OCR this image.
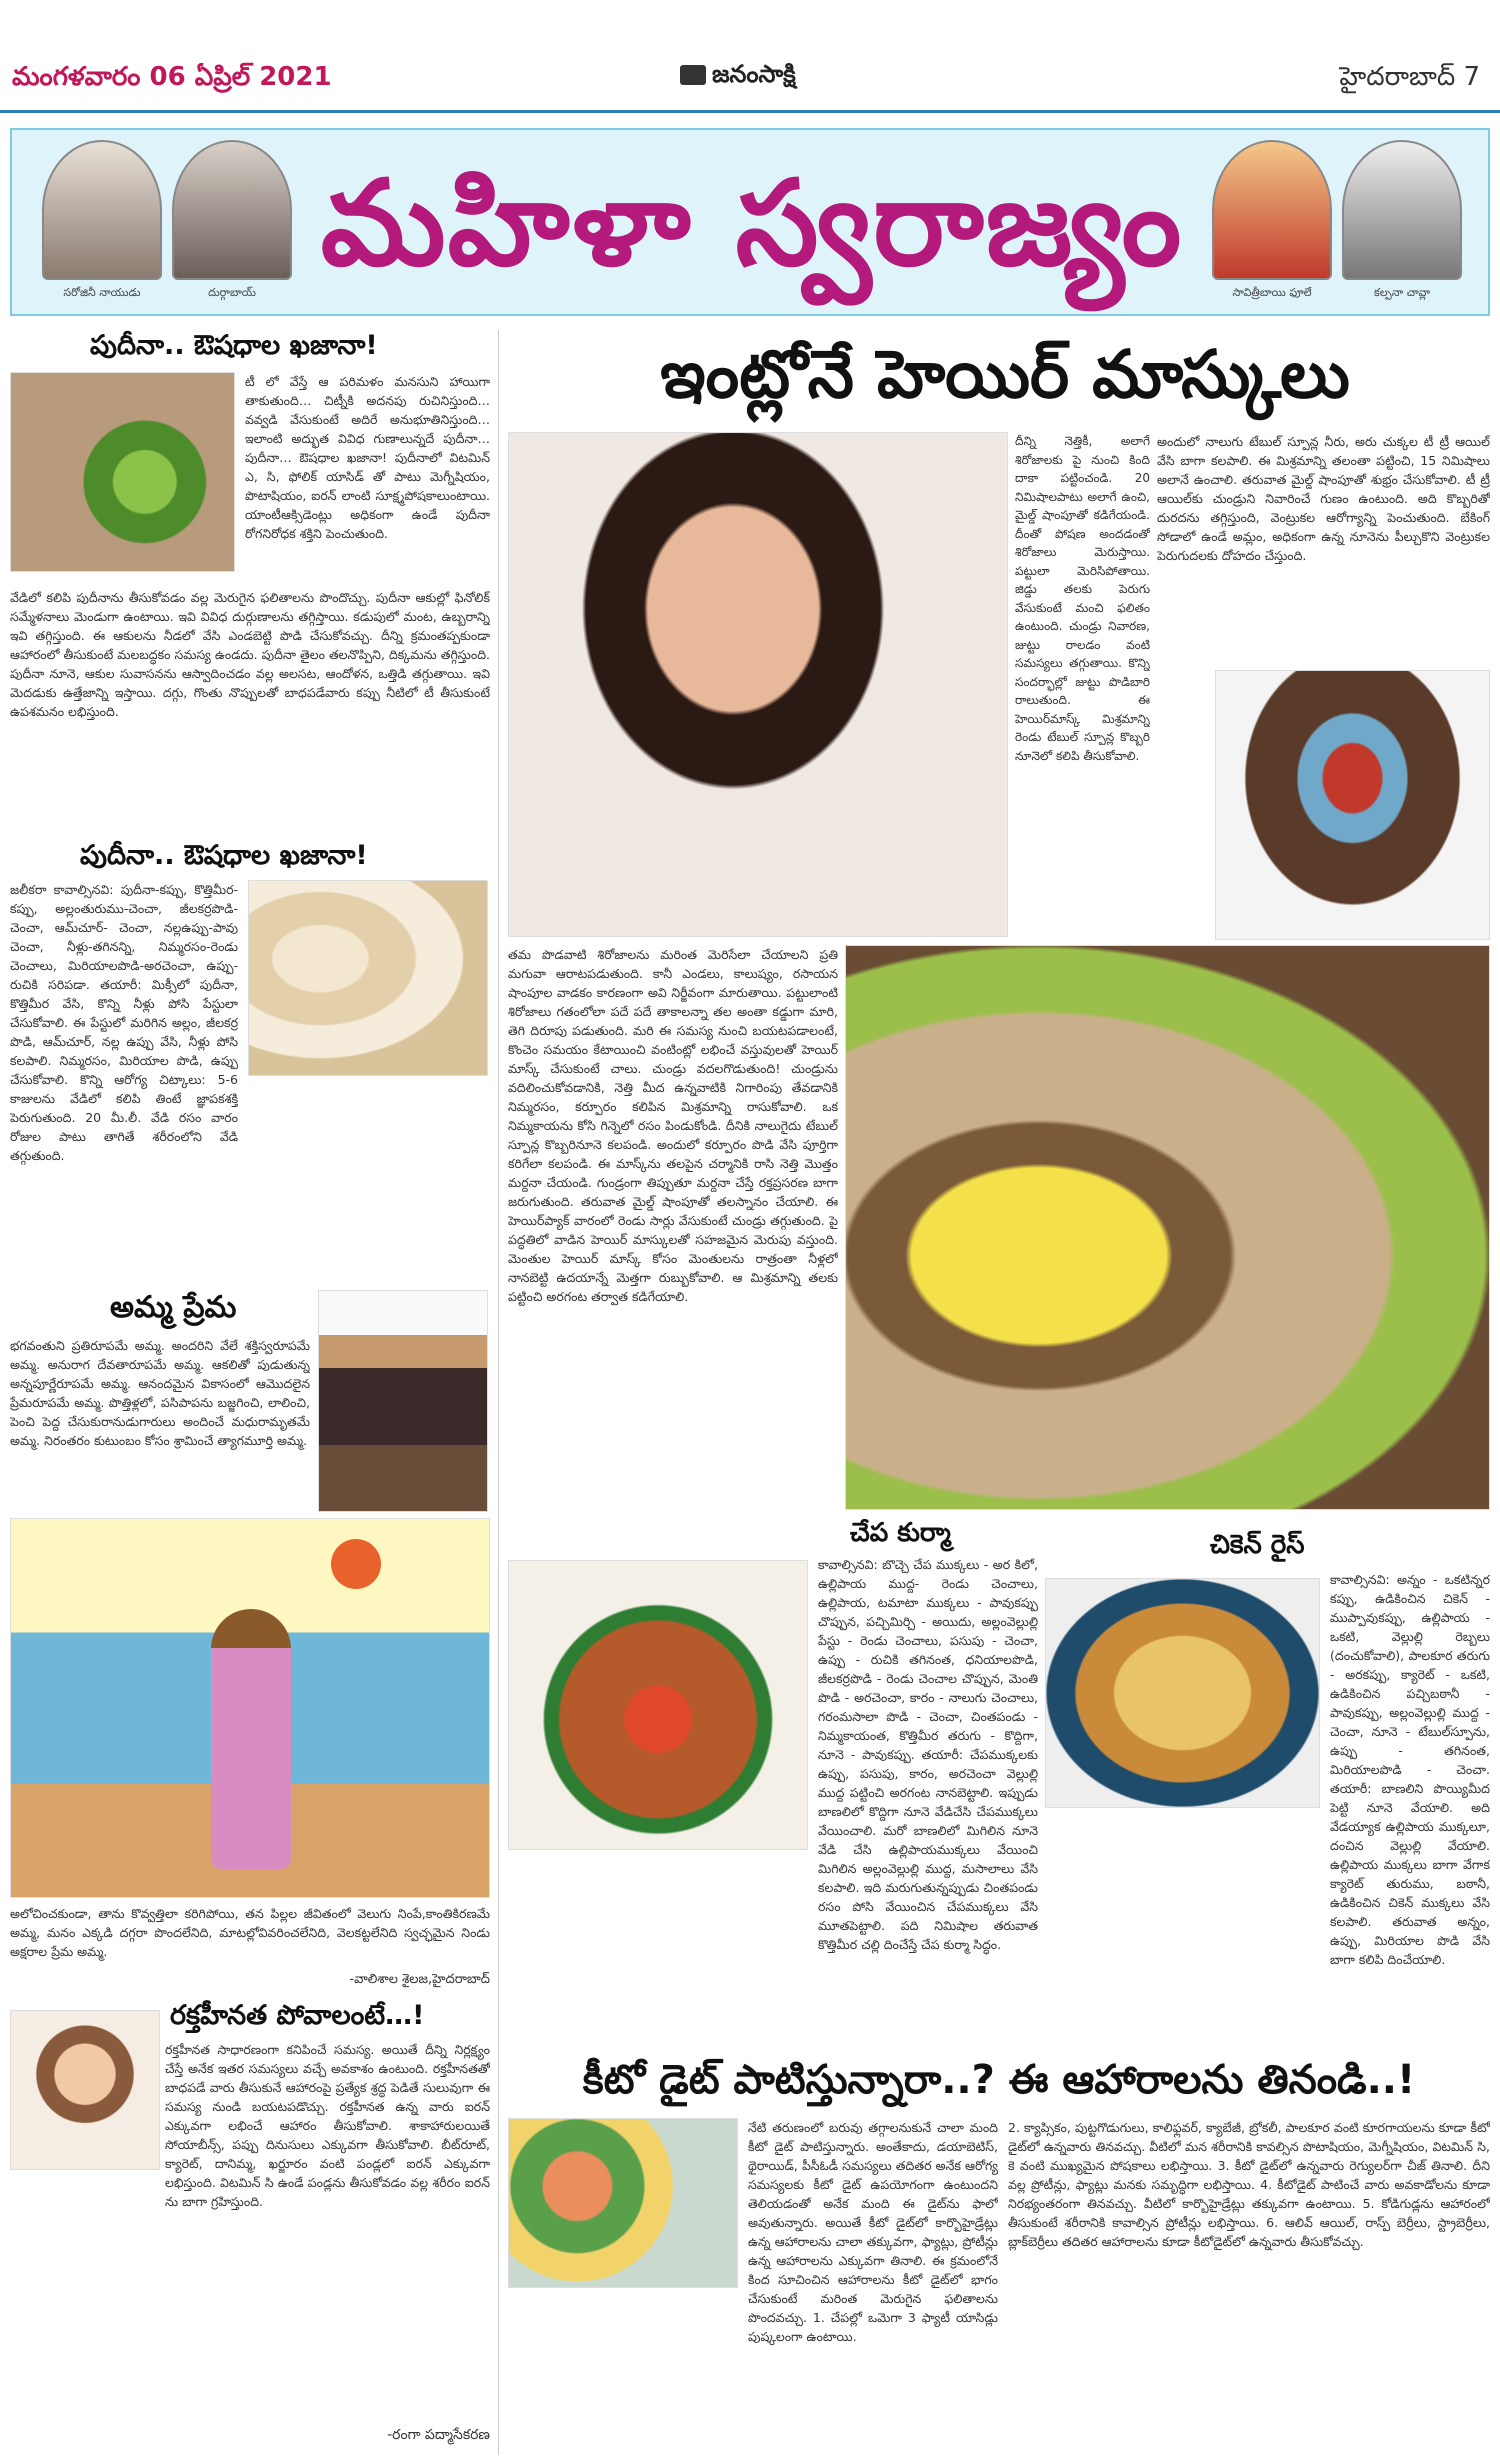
మంగళవారం 06 ఏప్రిల్ 2021	జనంసాక్షి	హైదరాబాద్ 7
సరోజినీ నాయుడు	దుర్గాబాయ్
మహిళా స్వరాజ్యం
సావిత్రీబాయి ఫూలే	కల్పనా చావ్లా
పుదీనా.. ఔషధాల ఖజానా!
టీ లో వేస్తే ఆ పరిమళం మనసుని హాయిగా తాకుతుంది… చిట్నీకి అదనపు రుచినిస్తుంది… వవ్వడి వేసుకుంటే అదిరే అనుభూతినిస్తుంది… ఇలాంటి అద్భుత వివిధ గుణాలున్నదే పుదీనా… పుదీనా… ఔషధాల ఖజానా! పుదీనాలో విటమిన్ ఎ, సి, ఫోలిక్ యాసిడ్ తో పాటు మెగ్నీషియం, పొటాషియం, ఐరన్ లాంటి సూక్ష్మపోషకాలుంటాయి. యాంటీఆక్సిడెంట్లు అధికంగా ఉండే పుదీనా రోగనిరోధక శక్తిని పెంచుతుంది.
వేడిలో కలిపి పుదీనాను తీసుకోవడం వల్ల మెరుగైన ఫలితాలను పొందొచ్చు. పుదీనా ఆకుల్లో ఫినోలిక్ సమ్మేళనాలు మెండుగా ఉంటాయి. ఇవి వివిధ దుర్గుణాలను తగ్గిస్తాయి. కడుపులో మంట, ఉబ్బరాన్ని ఇవి తగ్గిస్తుంది. ఈ ఆకులను నీడలో వేసి ఎండబెట్టి పొడి చేసుకోవచ్చు. దీన్ని క్రమంతప్పకుండా ఆహారంలో తీసుకుంటే మలబద్ధకం సమస్య ఉండదు. పుదీనా తైలం తలనొప్పిని, దిక్కమను తగ్గిస్తుంది. పుదీనా నూనె, ఆకుల సువాసనను ఆస్వాదించడం వల్ల అలసట, ఆందోళన, ఒత్తిడి తగ్గుతాయి. ఇవి మెదడుకు ఉత్తేజాన్ని ఇస్తాయి. దగ్గు, గొంతు నొప్పులతో బాధపడేవారు కప్పు నీటిలో టీ తీసుకుంటే ఉపశమనం లభిస్తుంది.
పుదీనా.. ఔషధాల ఖజానా!
జలీకరా కావాల్సినవి: పుదీనా-కప్పు, కొత్తిమీర- కప్పు, అల్లంతురుము-చెంచా, జీలకర్రపొడి-చెంచా, ఆమ్‌చూర్- చెంచా, నల్లఉప్పు-పావు చెంచా, నీళ్లు-తగినన్ని, నిమ్మరసం-రెండు చెంచాలు, మిరియాలపొడి-అరచెంచా, ఉప్పు-రుచికి సరిపడా. తయారీ: మిక్సీలో పుదీనా, కొత్తిమీర వేసి, కొన్ని నీళ్లు పోసి పేస్టులా చేసుకోవాలి. ఈ పేస్టులో మరిగిన అల్లం, జీలకర్ర పొడి, ఆమ్‌చూర్, నల్ల ఉప్పు వేసి, నీళ్లు పోసి కలపాలి. నిమ్మరసం, మిరియాల పొడి, ఉప్పు చేసుకోవాలి. కొన్ని ఆరోగ్య చిట్కాలు: 5-6 కాజులను వేడిలో కలిపి తింటే జ్ఞాపకశక్తి పెరుగుతుంది. 20 మీ.లీ. వేడి రసం వారం రోజుల పాటు తాగితే శరీరంలోని వేడి తగ్గుతుంది.
అమ్మ ప్రేమ
భగవంతుని ప్రతిరూపమే అమ్మ. అందరిని వేలే శక్తిస్వరూపమే అమ్మ. అనురాగ దేవతారూపమే అమ్మ. ఆకలితో పుడుతున్న అన్నపూర్ణేరూపమే అమ్మ. ఆనందమైన వికాసంలో ఆమొదలైన ప్రేమరూపమే అమ్మ. పొత్తిళ్లలో, పసిపాపను బజ్జగించి, లాలించి, పెంచి పెద్ద చేసుకురానుడుగారులు అందించే మధురామృతమే అమ్మ. నిరంతరం కుటుంబం కోసం శ్రామించే త్యాగమూర్తి అమ్మ.
అలోచించకుండా, తాను కొవ్వత్తిలా కరిగిపోయి, తన పిల్లల జీవితంలో వెలుగు నింపే,కాంతికిరణమే అమ్మ, మనం ఎక్కడి దగ్గరా పొందలేనిది, మాటల్లోవివరించలేనిది, వెలకట్టలేనిది స్వచ్ఛమైన నిండు అక్షరాల ప్రేమ అమ్మ.
-వాలిశాల శైలజ,హైదరాబాద్
రక్తహీనత పోవాలంటే…!
రక్తహీనత సాధారణంగా కనిపించే సమస్య. అయితే దీన్ని నిర్లక్ష్యం చేస్తే అనేక ఇతర సమస్యలు వచ్చే అవకాశం ఉంటుంది. రక్తహీనతతో బాధపడే వారు తీసుకునే ఆహారంపై ప్రత్యేక శ్రద్ధ పెడితే సులువుగా ఈ సమస్య నుండి బయటపడొచ్చు. రక్తహీనత ఉన్న వారు ఐరన్ ఎక్కువగా లభించే ఆహారం తీసుకోవాలి. శాకాహారులయితే సోయాబీన్స్, పప్పు దినుసులు ఎక్కువగా తీసుకోవాలి. బీట్‌రూట్, క్యారెట్, దానిమ్మ, ఖర్జూరం వంటి పండ్లలో ఐరన్ ఎక్కువగా లభిస్తుంది. విటమిన్ సి ఉండే పండ్లను తీసుకోవడం వల్ల శరీరం ఐరన్ ను బాగా గ్రహిస్తుంది.
-రంగా పద్మాసేకరణ
ఇంట్లోనే హెయిర్ మాస్కులు
దీన్ని నెత్తికీ, అలాగే శిరోజాలకు పై నుంచి కింది దాకా పట్టించండి. 20 నిమిషాలపాటు అలాగే ఉంచి, మైల్డ్ షాంపూతో కడిగేయండి. దీంతో పోషణ అందడంతో శిరోజాలు మెరుస్తాయి. పట్టులా మెరిసిపోతాయి. జిడ్డు తలకు పెరుగు వేసుకుంటే మంచి ఫలితం ఉంటుంది. చుండ్రు నివారణ, జుట్టు రాలడం వంటి సమస్యలు తగ్గుతాయి. కొన్ని సందర్భాల్లో జుట్టు పొడిబారి రాలుతుంది. ఈ హెయిర్‌మాస్క్ మిశ్రమాన్ని రెండు టేబుల్ స్పూన్ల కొబ్బరి నూనెలో కలిపి తీసుకోవాలి.
అందులో నాలుగు టేబుల్ స్పూన్ల నీరు, అరు చుక్కల టీ ట్రీ ఆయిల్ వేసి బాగా కలపాలి. ఈ మిశ్రమాన్ని తలంతా పట్టించి, 15 నిమిషాలు అలానే ఉంచాలి. తరువాత మైల్డ్ షాంపూతో శుభ్రం చేసుకోవాలి. టీ ట్రీ ఆయిల్‌కు చుండ్రుని నివారించే గుణం ఉంటుంది. అది కొబ్బరితో దురదను తగ్గిస్తుంది, వెంట్రుకల ఆరోగ్యాన్ని పెంచుతుంది. బేకింగ్ సోడాలో ఉండే అమ్లం, అధికంగా ఉన్న నూనెను పీల్చుకొని వెంట్రుకల పెరుగుదలకు దోహదం చేస్తుంది.
తమ పొడవాటి శిరోజాలను మరింత మెరిసేలా చేయాలని ప్రతి మగువా ఆరాటపడుతుంది. కానీ ఎండలు, కాలుష్యం, రసాయన షాంపూల వాడకం కారణంగా అవి నిర్జీవంగా మారుతాయి. పట్టులాంటి శిరోజాలు గతంలోలా పదే పదే తాకాలన్నా తల అంతా కడ్డుగా మారి, తెగి దిరూపు పడుతుంది. మరి ఈ సమస్య నుంచి బయటపడాలంటే, కొంచెం సమయం కేటాయించి వంటింట్లో లభించే వస్తువులతో హెయిర్ మాస్క్ చేసుకుంటే చాలు. చుండ్రు వదలగొడుతుంది! చుండ్రును వదిలించుకోవడానికి, నెత్తి మీద ఉన్నవాటికి నిగారింపు తేవడానికి నిమ్మరసం, కర్పూరం కలిపిన మిశ్రమాన్ని రాసుకోవాలి. ఒక నిమ్మకాయను కోసి గిన్నెలో రసం పిండుకోండి. దీనికి నాలుగైదు టేబుల్ స్పూన్ల కొబ్బరినూనె కలపండి. అందులో కర్పూరం పొడి వేసి పూర్తిగా కరిగేలా కలపండి. ఈ మాస్క్‌ను తలపైన చర్మానికి రాసి నెత్తి మొత్తం మర్దనా చేయండి. గుండ్రంగా తిప్పుతూ మర్దనా చేస్తే రక్తప్రసరణ బాగా జరుగుతుంది. తరువాత మైల్డ్ షాంపూతో తలస్నానం చేయాలి. ఈ హెయిర్‌ప్యాక్ వారంలో రెండు సార్లు వేసుకుంటే చుండ్రు తగ్గుతుంది. పై పద్ధతిలో వాడిన హెయిర్ మాస్కులతో సహజమైన మెరుపు వస్తుంది. మెంతుల హెయిర్ మాస్క్ కోసం మెంతులను రాత్రంతా నీళ్లలో నానబెట్టి ఉదయాన్నే మెత్తగా రుబ్బుకోవాలి. ఆ మిశ్రమాన్ని తలకు పట్టించి అరగంట తర్వాత కడిగేయాలి.
చేప కుర్మా
కావాల్సినవి: బొచ్చె చేప ముక్కలు - అర కిలో, ఉల్లిపాయ ముద్ద- రెండు చెంచాలు, ఉల్లిపాయ, టమాటా ముక్కలు - పావుకప్పు చొప్పున, పచ్చిమిర్చి - అయిదు, అల్లంవెల్లుల్లి పేస్టు - రెండు చెంచాలు, పసుపు - చెంచా, ఉప్పు - రుచికి తగినంత, ధనియాలపొడి, జీలకర్రపొడి - రెండు చెంచాల చొప్పున, మెంతి పొడి - అరచెంచా, కారం - నాలుగు చెంచాలు, గరంమసాలా పొడి - చెంచా, చింతపండు - నిమ్మకాయంత, కొత్తిమీర తరుగు - కొద్దిగా, నూనె - పావుకప్పు. తయారీ: చేపముక్కలకు ఉప్పు, పసుపు, కారం, అరచెంచా వెల్లుల్లి ముద్ద పట్టించి అరగంట నానబెట్టాలి. ఇప్పుడు బాణలిలో కొద్దిగా నూనె వేడిచేసి చేపముక్కలు వేయించాలి. మరో బాణలిలో మిగిలిన నూనె వేడి చేసి ఉల్లిపాయముక్కలు వేయించి మిగిలిన అల్లంవెల్లుల్లి ముద్ద, మసాలాలు వేసి కలపాలి. ఇది మరుగుతున్నప్పుడు చింతపండు రసం పోసి వేయించిన చేపముక్కలు వేసి మూతపెట్టాలి. పది నిమిషాల తరువాత కొత్తిమీర చల్లి దించేస్తే చేప కుర్మా సిద్ధం.
చికెన్ రైస్
కావాల్సినవి: అన్నం - ఒకటిన్నర కప్పు, ఉడికించిన చికెన్ - ముప్పావుకప్పు, ఉల్లిపాయ - ఒకటి, వెల్లుల్లి రెబ్బలు (దంచుకోవాలి), పాలకూర తరుగు - అరకప్పు, క్యారెట్ - ఒకటి, ఉడికించిన పచ్చిబఠానీ - పావుకప్పు, అల్లంవెల్లుల్లి ముద్ద - చెంచా, నూనె - టేబుల్‌స్పూను, ఉప్పు - తగినంత, మిరియాలపొడి - చెంచా. తయారీ: బాణలిని పొయ్యిమీద పెట్టి నూనె వేయాలి. అది వేడయ్యాక ఉల్లిపాయ ముక్కలూ, దంచిన వెల్లుల్లి వేయాలి. ఉల్లిపాయ ముక్కలు బాగా వేగాక క్యారెట్ తురుము, బఠానీ, ఉడికించిన చికెన్ ముక్కలు వేసి కలపాలి. తరువాత అన్నం, ఉప్పు, మిరియాల పొడి వేసి బాగా కలిపి దించేయాలి.
కీటో డైట్ పాటిస్తున్నారా..? ఈ ఆహారాలను తినండి..!
నేటి తరుణంలో బరువు తగ్గాలనుకునే చాలా మంది కీటో డైట్ పాటిస్తున్నారు. అంతేకాదు, డయాబెటిస్, థైరాయిడ్, పీసీఓడీ సమస్యలు తదితర అనేక ఆరోగ్య సమస్యలకు కీటో డైట్ ఉపయోగంగా ఉంటుందని తెలియడంతో అనేక మంది ఈ డైట్‌ను ఫాలో అవుతున్నారు. అయితే కీటో డైట్‌లో కార్బొహైడ్రేట్లు ఉన్న ఆహారాలను చాలా తక్కువగా, ఫ్యాట్లు, ప్రోటీన్లు ఉన్న ఆహారాలను ఎక్కువగా తినాలి. ఈ క్రమంలోనే కింద సూచించిన ఆహారాలను కీటో డైట్‌లో భాగం చేసుకుంటే మరింత మెరుగైన ఫలితాలను పొందవచ్చు. 1. చేపల్లో ఒమెగా 3 ఫ్యాటీ యాసిడ్లు పుష్కలంగా ఉంటాయి.
2. క్యాప్సికం, పుట్టగొడుగులు, కాలిఫ్లవర్, క్యాబేజీ, బ్రోకలీ, పాలకూర వంటి కూరగాయలను కూడా కీటో డైట్‌లో ఉన్నవారు తినవచ్చు. వీటిలో మన శరీరానికి కావల్సిన పొటాషియం, మెగ్నీషియం, విటమిన్ సి, కె వంటి ముఖ్యమైన పోషకాలు లభిస్తాయి. 3. కీటో డైట్‌లో ఉన్నవారు రెగ్యులర్‌గా చీజ్ తినాలి. దీని వల్ల ప్రోటీన్లు, ఫ్యాట్లు మనకు సమృద్ధిగా లభిస్తాయి. 4. కీటోడైట్ పాటించే వారు అవకాడోలను కూడా నిరభ్యంతరంగా తినవచ్చు. వీటిలో కార్బొహైడ్రేట్లు తక్కువగా ఉంటాయి. 5. కోడిగుడ్లను ఆహారంలో తీసుకుంటే శరీరానికి కావాల్సిన ప్రోటీన్లు లభిస్తాయి. 6. ఆలివ్ ఆయిల్, రాస్ప్ బెర్రీలు, స్ట్రాబెర్రీలు, బ్లాక్‌బెర్రీలు తదితర ఆహారాలను కూడా కీటోడైట్‌లో ఉన్నవారు తీసుకోవచ్చు.
